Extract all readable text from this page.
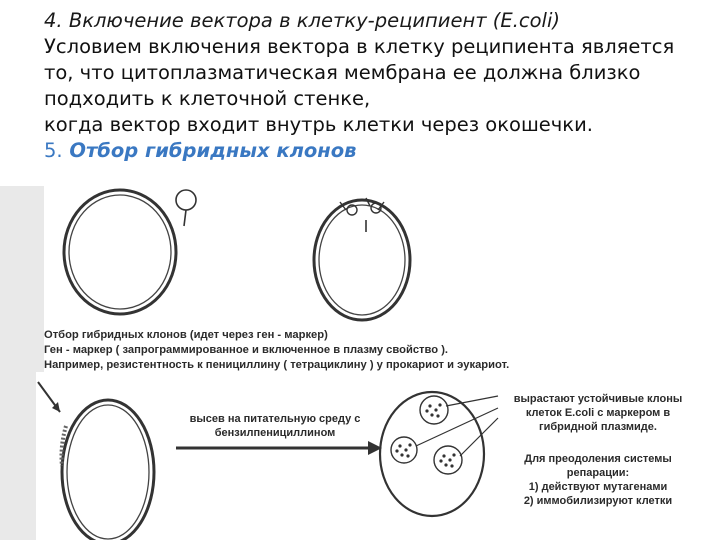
4. Включение вектора в клетку-реципиент (E.coli)
Условием включения вектора в клетку реципиента является
то, что цитоплазматическая мембрана ее должна близко
подходить к клеточной стенке,
когда вектор входит внутрь клетки через окошечки.
5. Отбор гибридных клонов
Отбор гибридных клонов (идет через ген - маркер)
Ген - маркер ( запрограммированное и включенное в плазму свойство ).
Например, резистентность к пенициллину ( тетрациклину ) у прокариот и эукариот.
высев на питательную среду с
бензилпенициллином
вырастают устойчивые клоны
клеток E.coli с маркером в
гибридной плазмиде.
Для преодоления системы
репарации:
1) действуют мутагенами
2) иммобилизируют клетки
